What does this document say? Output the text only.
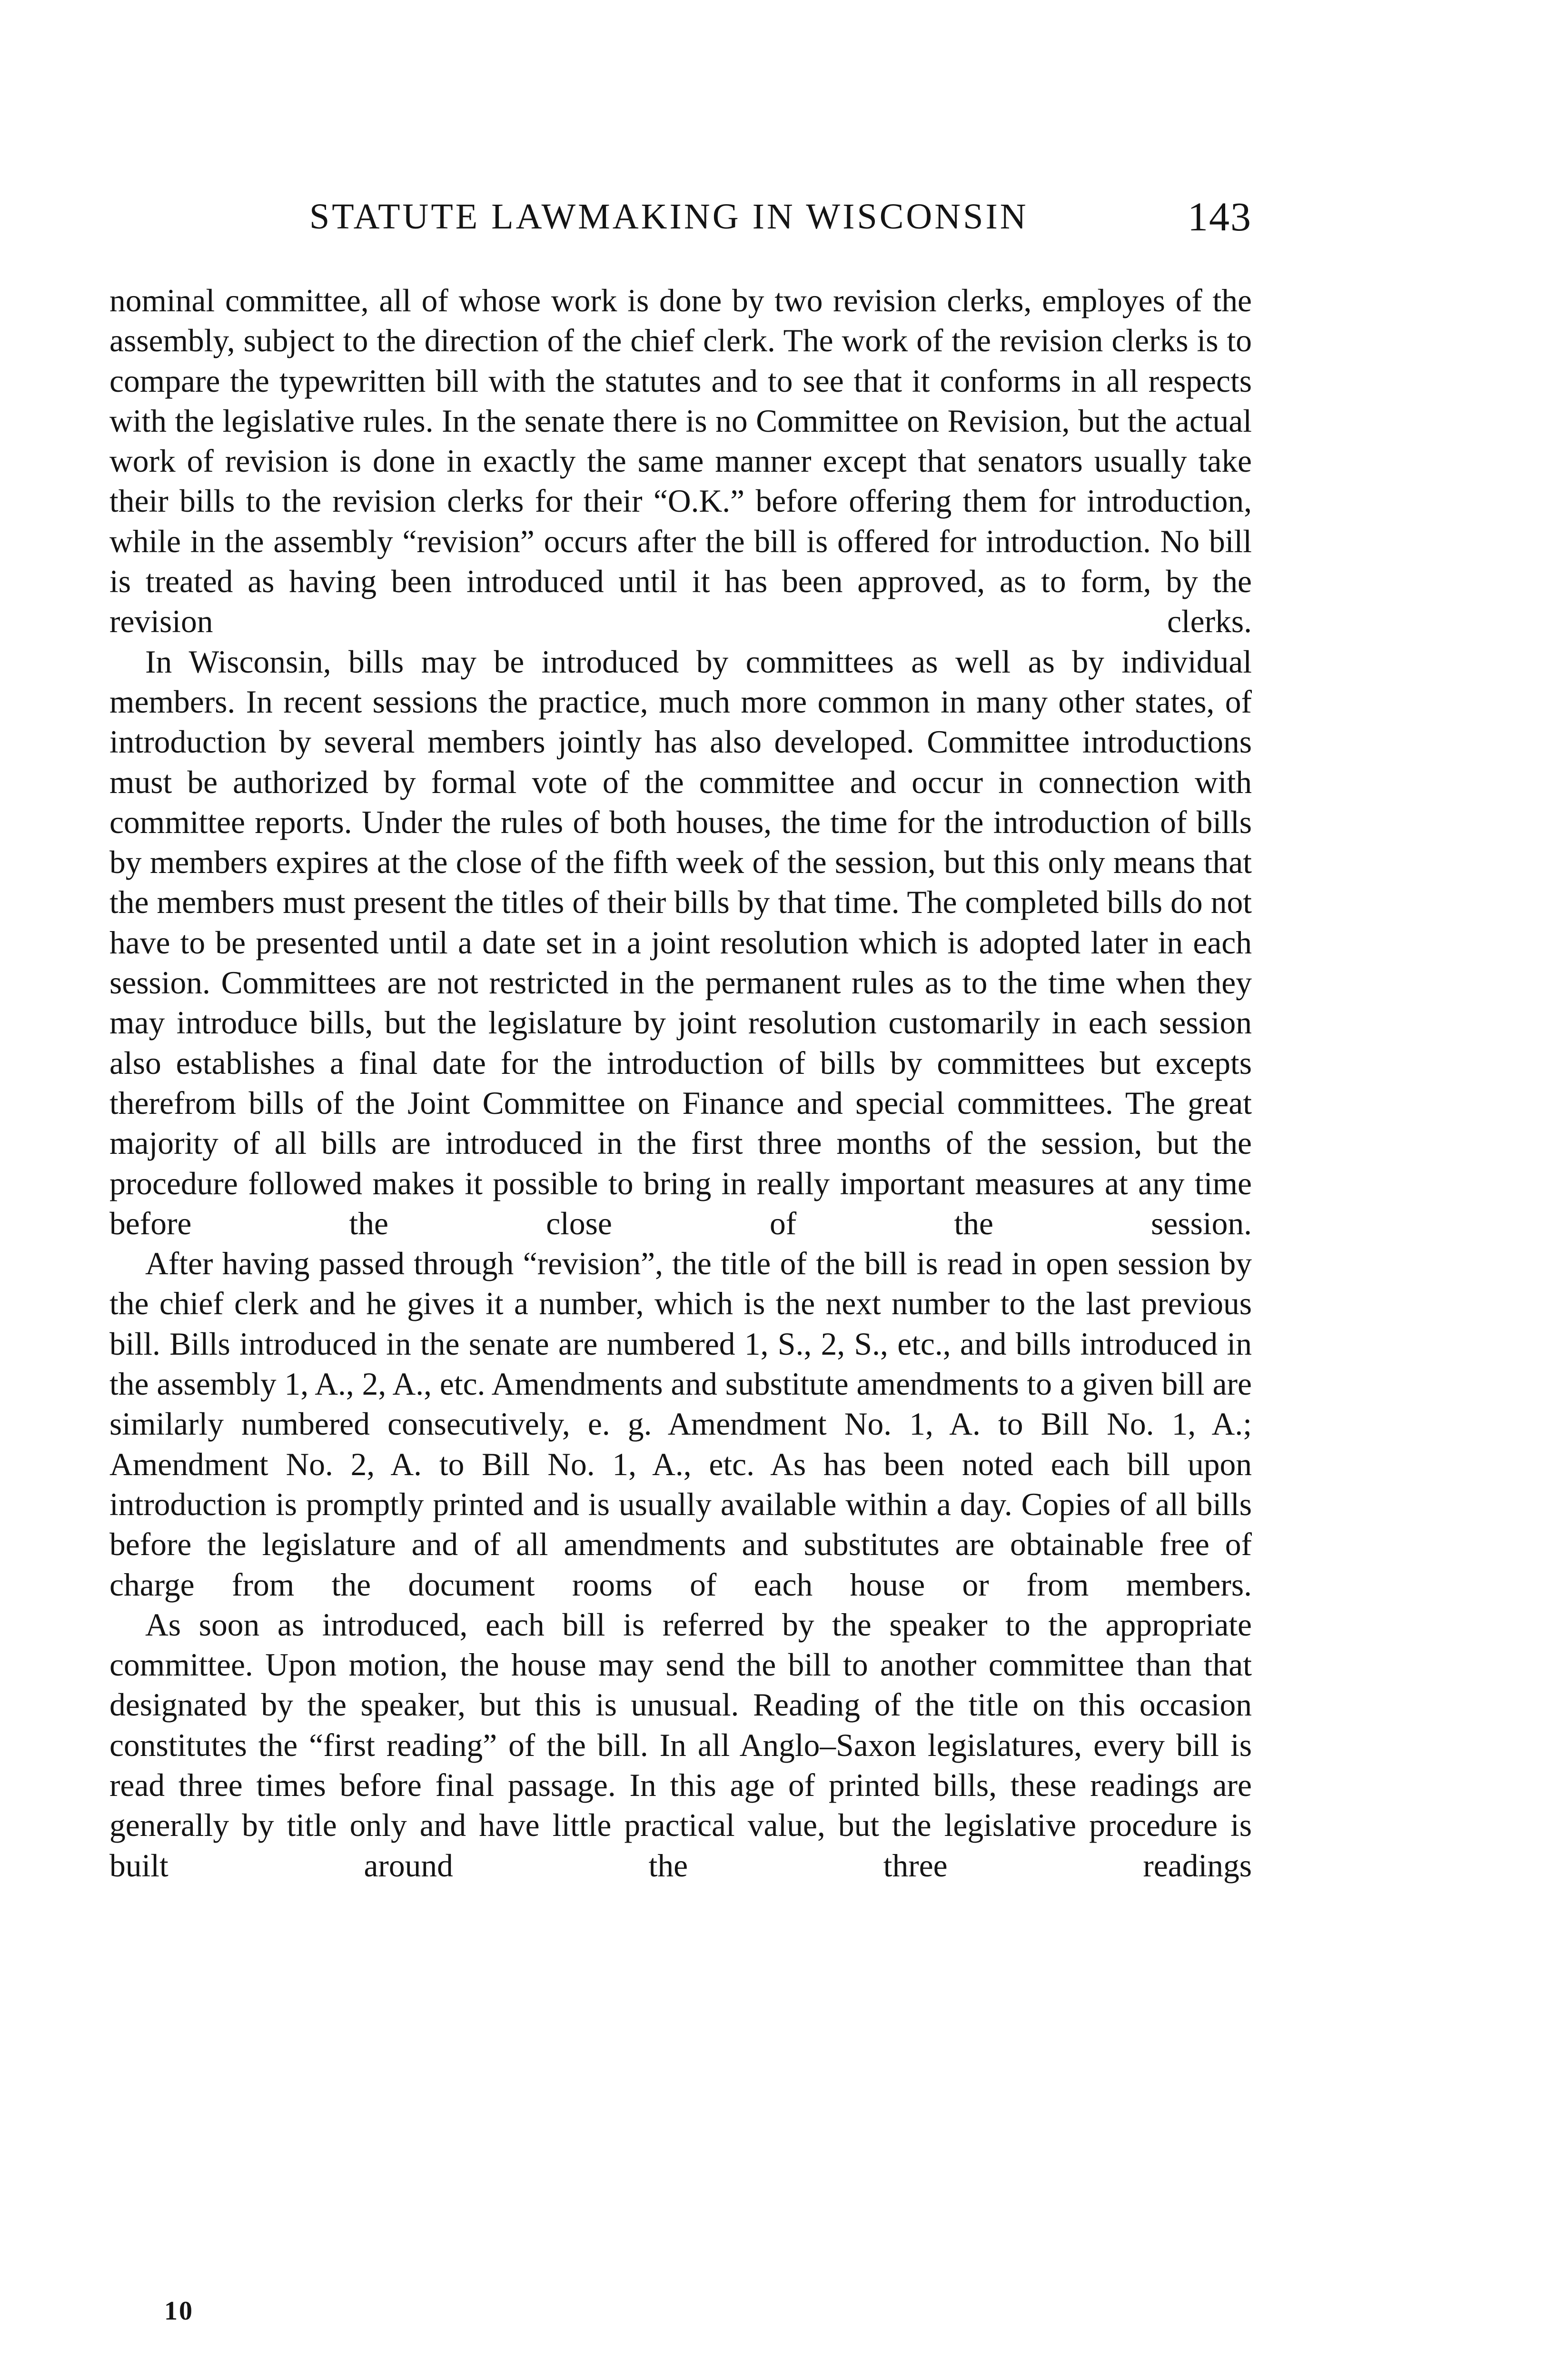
STATUTE LAWMAKING IN WISCONSIN	143

nominal committee, all of whose work is done by two revision clerks, employes of the assembly, subject to the direction of the chief clerk. The work of the revision clerks is to compare the typewritten bill with the statutes and to see that it conforms in all respects with the legislative rules. In the senate there is no Committee on Revision, but the actual work of revision is done in exactly the same manner except that senators usually take their bills to the revision clerks for their “O.K.” before offering them for introduction, while in the assembly “revision” occurs after the bill is offered for introduction. No bill is treated as having been introduced until it has been approved, as to form, by the revision clerks.

In Wisconsin, bills may be introduced by committees as well as by individual members. In recent sessions the practice, much more common in many other states, of introduction by several members jointly has also developed. Committee introductions must be authorized by formal vote of the committee and occur in connection with committee reports. Under the rules of both houses, the time for the introduction of bills by members expires at the close of the fifth week of the session, but this only means that the members must present the titles of their bills by that time. The completed bills do not have to be presented until a date set in a joint resolution which is adopted later in each session. Committees are not restricted in the permanent rules as to the time when they may introduce bills, but the legislature by joint resolution customarily in each session also establishes a final date for the introduction of bills by committees but excepts therefrom bills of the Joint Committee on Finance and special committees. The great majority of all bills are introduced in the first three months of the session, but the procedure followed makes it possible to bring in really important measures at any time before the close of the session.

After having passed through “revision”, the title of the bill is read in open session by the chief clerk and he gives it a number, which is the next number to the last previous bill. Bills introduced in the senate are numbered 1, S., 2, S., etc., and bills introduced in the assembly 1, A., 2, A., etc. Amendments and substitute amendments to a given bill are similarly numbered consecutively, e. g. Amendment No. 1, A. to Bill No. 1, A.; Amendment No. 2, A. to Bill No. 1, A., etc. As has been noted each bill upon introduction is promptly printed and is usually available within a day. Copies of all bills before the legislature and of all amendments and substitutes are obtainable free of charge from the document rooms of each house or from members.

As soon as introduced, each bill is referred by the speaker to the appropriate committee. Upon motion, the house may send the bill to another committee than that designated by the speaker, but this is unusual. Reading of the title on this occasion constitutes the “first reading” of the bill. In all Anglo–Saxon legislatures, every bill is read three times before final passage. In this age of printed bills, these readings are generally by title only and have little practical value, but the legislative procedure is built around the three readings

10
